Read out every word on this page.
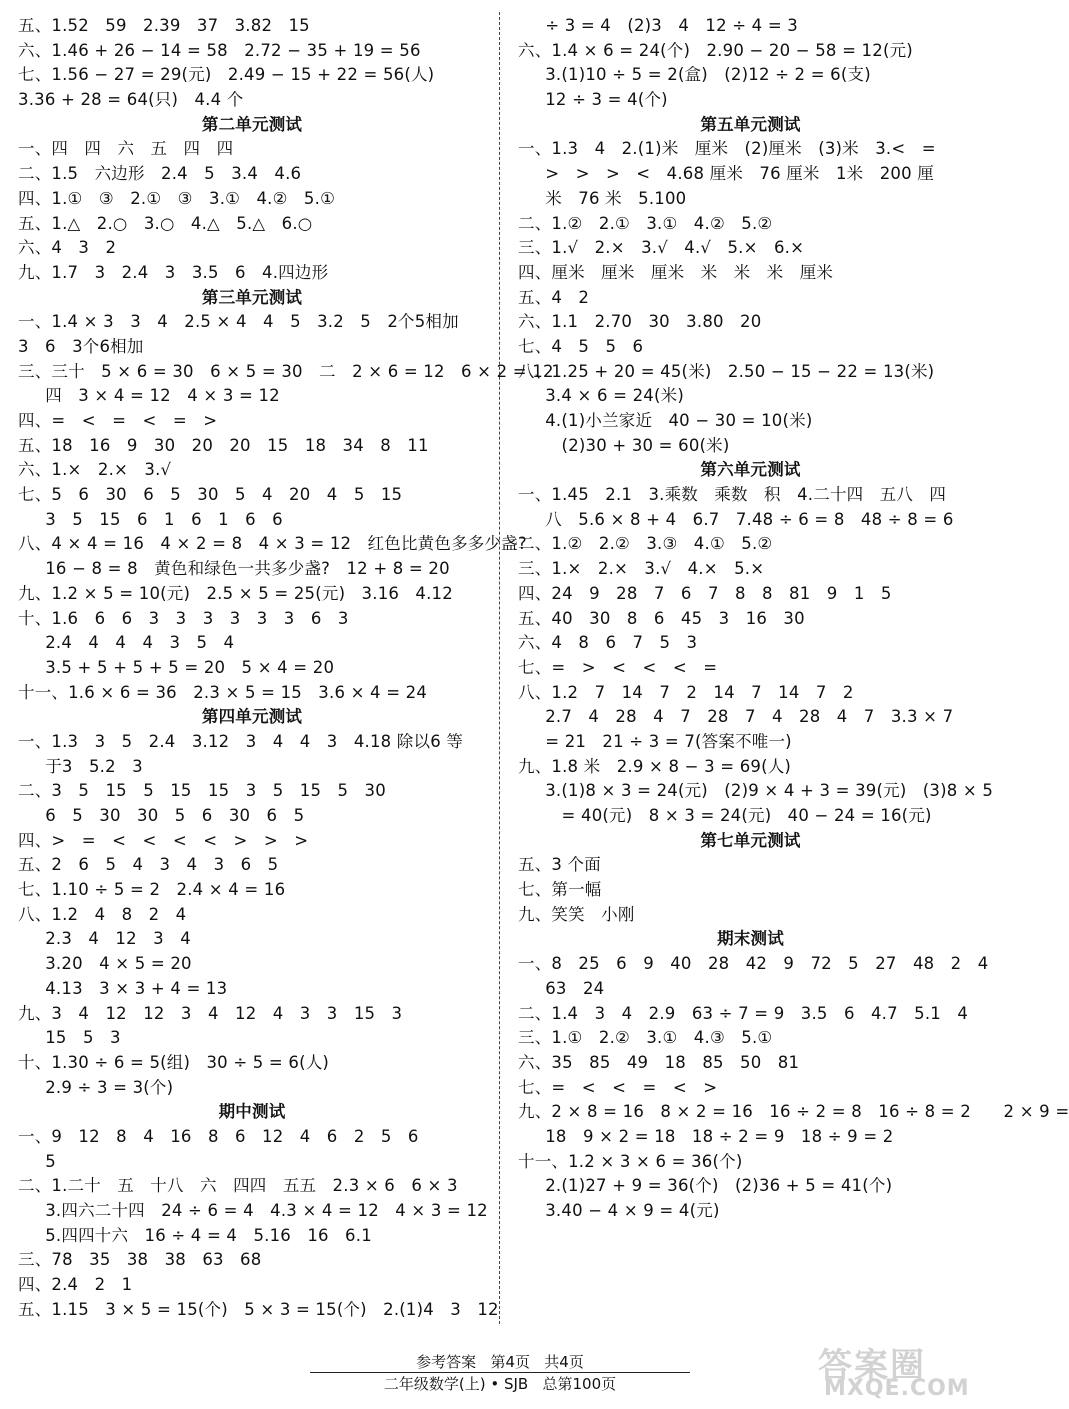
五、1.52   59   2.39   37   3.82   15
六、1.46 + 26 − 14 = 58   2.72 − 35 + 19 = 56
七、1.56 − 27 = 29(元)   2.49 − 15 + 22 = 56(人)
3.36 + 28 = 64(只)   4.4 个
第二单元测试
一、四   四   六   五   四   四
二、1.5   六边形   2.4   5   3.4   4.6
四、1.①   ③   2.①   ③   3.①   4.②   5.①
五、1.△   2.○   3.○   4.△   5.△   6.○
六、4   3   2
九、1.7   3   2.4   3   3.5   6   4.四边形
第三单元测试
一、1.4 × 3   3   4   2.5 × 4   4   5   3.2   5   2个5相加
3   6   3个6相加
三、三十   5 × 6 = 30   6 × 5 = 30   二   2 × 6 = 12   6 × 2 = 12
四   3 × 4 = 12   4 × 3 = 12
四、=   <   =   <   =   >
五、18   16   9   30   20   20   15   18   34   8   11
六、1.×   2.×   3.√
七、5   6   30   6   5   30   5   4   20   4   5   15
3   5   15   6   1   6   1   6   6
八、4 × 4 = 16   4 × 2 = 8   4 × 3 = 12   红色比黄色多多少盏?
16 − 8 = 8   黄色和绿色一共多少盏?   12 + 8 = 20
九、1.2 × 5 = 10(元)   2.5 × 5 = 25(元)   3.16   4.12
十、1.6   6   6   3   3   3   3   3   3   6   3
2.4   4   4   4   3   5   4
3.5 + 5 + 5 + 5 = 20   5 × 4 = 20
十一、1.6 × 6 = 36   2.3 × 5 = 15   3.6 × 4 = 24
第四单元测试
一、1.3   3   5   2.4   3.12   3   4   4   3   4.18 除以6 等
于3   5.2   3
二、3   5   15   5   15   15   3   5   15   5   30
6   5   30   30   5   6   30   6   5
四、>   =   <   <   <   <   >   >   >
五、2   6   5   4   3   4   3   6   5
七、1.10 ÷ 5 = 2   2.4 × 4 = 16
八、1.2   4   8   2   4
2.3   4   12   3   4
3.20   4 × 5 = 20
4.13   3 × 3 + 4 = 13
九、3   4   12   12   3   4   12   4   3   3   15   3
15   5   3
十、1.30 ÷ 6 = 5(组)   30 ÷ 5 = 6(人)
2.9 ÷ 3 = 3(个)
期中测试
一、9   12   8   4   16   8   6   12   4   6   2   5   6
5
二、1.二十   五   十八   六   四四   五五   2.3 × 6   6 × 3
3.四六二十四   24 ÷ 6 = 4   4.3 × 4 = 12   4 × 3 = 12
5.四四十六   16 ÷ 4 = 4   5.16   16   6.1
三、78   35   38   38   63   68
四、2.4   2   1
五、1.15   3 × 5 = 15(个)   5 × 3 = 15(个)   2.(1)4   3   12
÷ 3 = 4   (2)3   4   12 ÷ 4 = 3
六、1.4 × 6 = 24(个)   2.90 − 20 − 58 = 12(元)
3.(1)10 ÷ 5 = 2(盒)   (2)12 ÷ 2 = 6(支)
12 ÷ 3 = 4(个)
第五单元测试
一、1.3   4   2.(1)米   厘米   (2)厘米   (3)米   3.<   =
>   >   >   <   4.68 厘米   76 厘米   1米   200 厘
米   76 米   5.100
二、1.②   2.①   3.①   4.②   5.②
三、1.√   2.×   3.√   4.√   5.×   6.×
四、厘米   厘米   厘米   米   米   米   厘米
五、4   2
六、1.1   2.70   30   3.80   20
七、4   5   5   6
八、1.25 + 20 = 45(米)   2.50 − 15 − 22 = 13(米)
3.4 × 6 = 24(米)
4.(1)小兰家近   40 − 30 = 10(米)
(2)30 + 30 = 60(米)
第六单元测试
一、1.45   2.1   3.乘数   乘数   积   4.二十四   五八   四
八   5.6 × 8 + 4   6.7   7.48 ÷ 6 = 8   48 ÷ 8 = 6
二、1.②   2.②   3.③   4.①   5.②
三、1.×   2.×   3.√   4.×   5.×
四、24   9   28   7   6   7   8   8   81   9   1   5
五、40   30   8   6   45   3   16   30
六、4   8   6   7   5   3
七、=   >   <   <   <   =
八、1.2   7   14   7   2   14   7   14   7   2
2.7   4   28   4   7   28   7   4   28   4   7   3.3 × 7
= 21   21 ÷ 3 = 7(答案不唯一)
九、1.8 米   2.9 × 8 − 3 = 69(人)
3.(1)8 × 3 = 24(元)   (2)9 × 4 + 3 = 39(元)   (3)8 × 5
= 40(元)   8 × 3 = 24(元)   40 − 24 = 16(元)
第七单元测试
五、3 个面
七、第一幅
九、笑笑   小刚
期末测试
一、8   25   6   9   40   28   42   9   72   5   27   48   2   4
63   24
二、1.4   3   4   2.9   63 ÷ 7 = 9   3.5   6   4.7   5.1   4
三、1.①   2.②   3.①   4.③   5.①
六、35   85   49   18   85   50   81
七、=   <   <   =   <   >
九、2 × 8 = 16   8 × 2 = 16   16 ÷ 2 = 8   16 ÷ 8 = 2      2 × 9 =
18   9 × 2 = 18   18 ÷ 2 = 9   18 ÷ 9 = 2
十一、1.2 × 3 × 6 = 36(个)
2.(1)27 + 9 = 36(个)   (2)36 + 5 = 41(个)
3.40 − 4 × 9 = 4(元)
参考答案   第4页   共4页
二年级数学(上) • SJB   总第100页	答案圈
MXQE.COM
